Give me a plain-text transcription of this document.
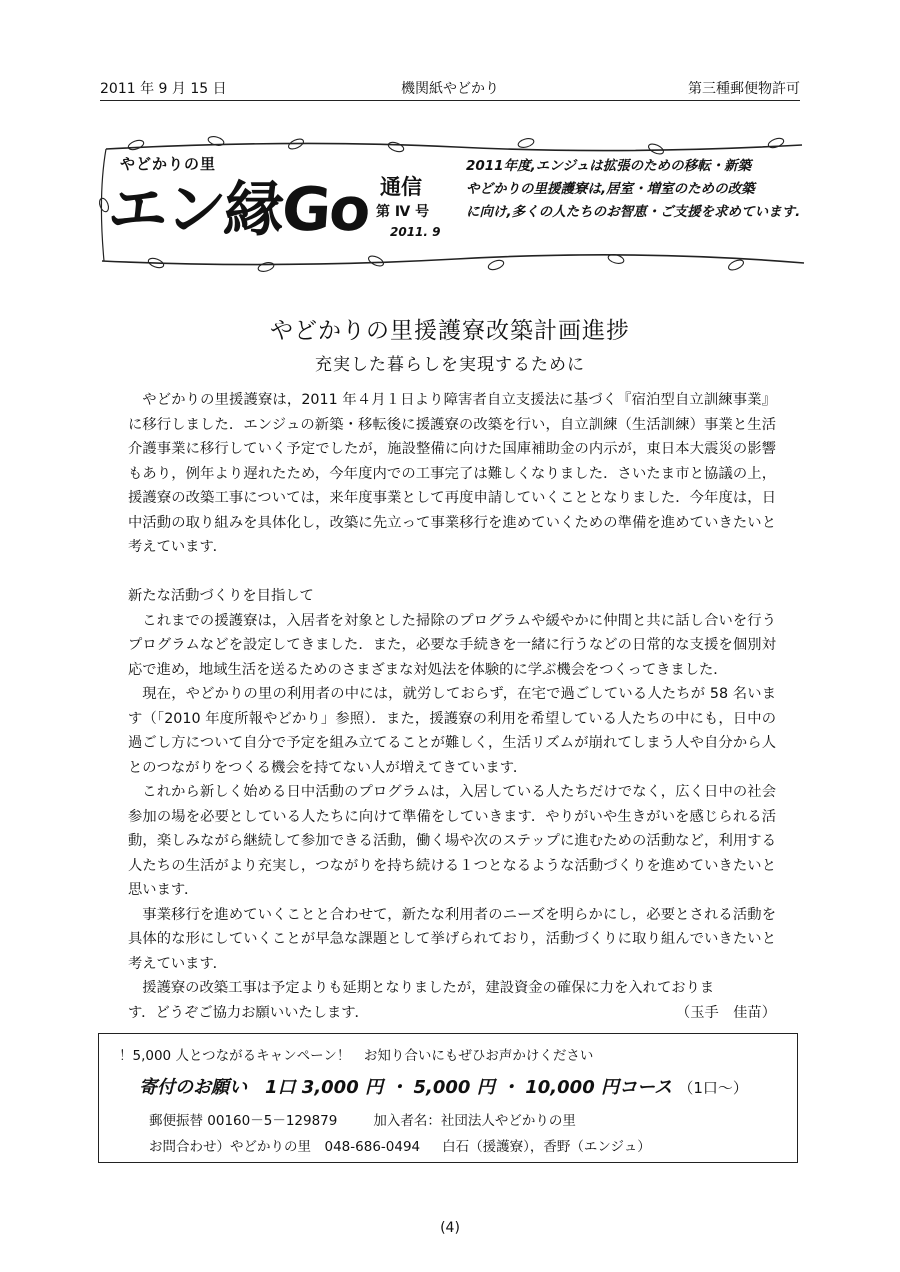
2011 年 9 月 15 日	機関紙やどかり	第三種郵便物許可
やどかりの里
エン縁Go 通信
第 Ⅳ 号
2011. 9
2011年度,エンジュは拡張のための移転・新築
やどかりの里援護寮は,居室・増室のための改築
に向け,多くの人たちのお智恵・ご支援を求めています.
やどかりの里援護寮改築計画進捗
充実した暮らしを実現するために

やどかりの里援護寮は，2011 年４月１日より障害者自立支援法に基づく『宿泊型自立訓練事業』に移行しました．エンジュの新築・移転後に援護寮の改築を行い，自立訓練（生活訓練）事業と生活介護事業に移行していく予定でしたが，施設整備に向けた国庫補助金の内示が，東日本大震災の影響もあり，例年より遅れたため，今年度内での工事完了は難しくなりました．さいたま市と協議の上，援護寮の改築工事については，来年度事業として再度申請していくこととなりました．今年度は，日中活動の取り組みを具体化し，改築に先立って事業移行を進めていくための準備を進めていきたいと考えています．

新たな活動づくりを目指して

これまでの援護寮は，入居者を対象とした掃除のプログラムや緩やかに仲間と共に話し合いを行うプログラムなどを設定してきました．また，必要な手続きを一緒に行うなどの日常的な支援を個別対応で進め，地域生活を送るためのさまざまな対処法を体験的に学ぶ機会をつくってきました．

現在，やどかりの里の利用者の中には，就労しておらず，在宅で過ごしている人たちが 58 名います（「2010 年度所報やどかり」参照）．また，援護寮の利用を希望している人たちの中にも，日中の過ごし方について自分で予定を組み立てることが難しく，生活リズムが崩れてしまう人や自分から人とのつながりをつくる機会を持てない人が増えてきています．

これから新しく始める日中活動のプログラムは，入居している人たちだけでなく，広く日中の社会参加の場を必要としている人たちに向けて準備をしていきます．やりがいや生きがいを感じられる活動，楽しみながら継続して参加できる活動，働く場や次のステップに進むための活動など，利用する人たちの生活がより充実し，つながりを持ち続ける１つとなるような活動づくりを進めていきたいと思います．

事業移行を進めていくことと合わせて，新たな利用者のニーズを明らかにし，必要とされる活動を具体的な形にしていくことが早急な課題として挙げられており，活動づくりに取り組んでいきたいと考えています．

援護寮の改築工事は予定よりも延期となりましたが，建設資金の確保に力を入れておりま

す．どうぞご協力お願いいたします．	（玉手　佳苗）
！5,000 人とつながるキャンペーン！　お知り合いにもぜひお声かけください
寄付のお願い　1口 3,000 円 ・ 5,000 円 ・ 10,000 円コース （1口〜）
郵便振替 00160－5－129879	加入者名：社団法人やどかりの里
お問合わせ）やどかりの里　048-686-0494 白石（援護寮），香野（エンジュ）
(4)
